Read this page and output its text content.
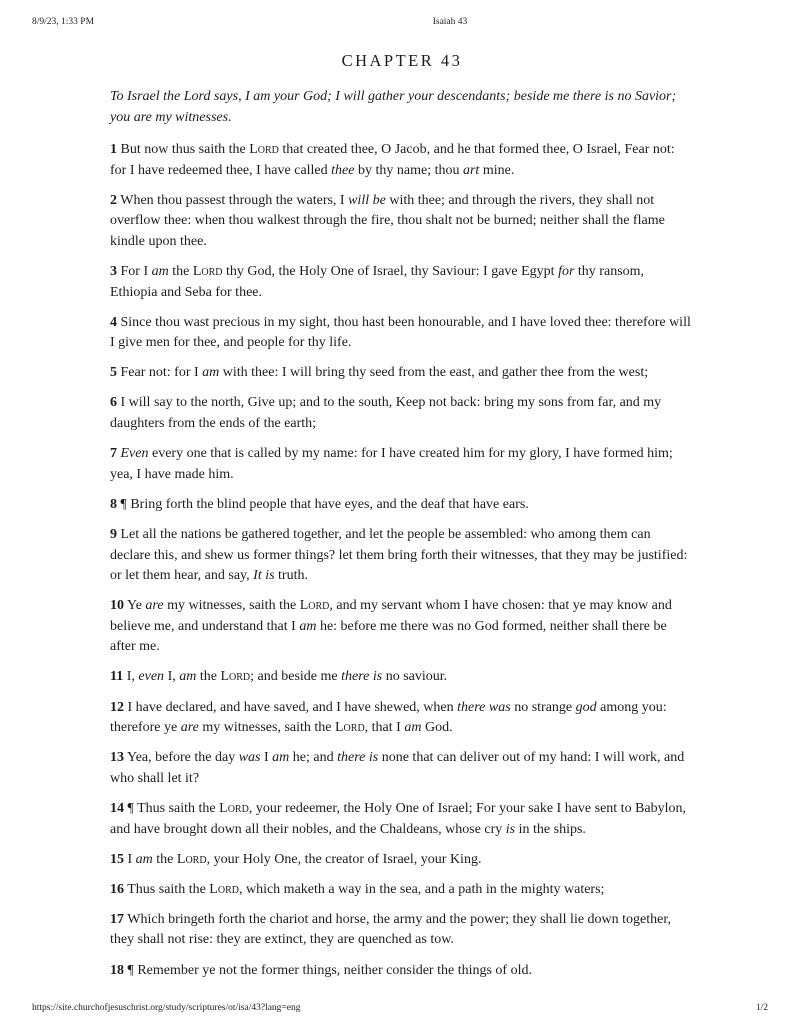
8/9/23, 1:33 PM	Isaiah 43
CHAPTER 43

To Israel the Lord says, I am your God; I will gather your descendants; beside me there is no Savior; you are my witnesses.

1 But now thus saith the Lord that created thee, O Jacob, and he that formed thee, O Israel, Fear not: for I have redeemed thee, I have called thee by thy name; thou art mine.

2 When thou passest through the waters, I will be with thee; and through the rivers, they shall not overflow thee: when thou walkest through the fire, thou shalt not be burned; neither shall the flame kindle upon thee.

3 For I am the Lord thy God, the Holy One of Israel, thy Saviour: I gave Egypt for thy ransom, Ethiopia and Seba for thee.

4 Since thou wast precious in my sight, thou hast been honourable, and I have loved thee: therefore will I give men for thee, and people for thy life.

5 Fear not: for I am with thee: I will bring thy seed from the east, and gather thee from the west;

6 I will say to the north, Give up; and to the south, Keep not back: bring my sons from far, and my daughters from the ends of the earth;

7 Even every one that is called by my name: for I have created him for my glory, I have formed him; yea, I have made him.

8 ¶ Bring forth the blind people that have eyes, and the deaf that have ears.

9 Let all the nations be gathered together, and let the people be assembled: who among them can declare this, and shew us former things? let them bring forth their witnesses, that they may be justified: or let them hear, and say, It is truth.

10 Ye are my witnesses, saith the Lord, and my servant whom I have chosen: that ye may know and believe me, and understand that I am he: before me there was no God formed, neither shall there be after me.

11 I, even I, am the Lord; and beside me there is no saviour.

12 I have declared, and have saved, and I have shewed, when there was no strange god among you: therefore ye are my witnesses, saith the Lord, that I am God.

13 Yea, before the day was I am he; and there is none that can deliver out of my hand: I will work, and who shall let it?

14 ¶ Thus saith the Lord, your redeemer, the Holy One of Israel; For your sake I have sent to Babylon, and have brought down all their nobles, and the Chaldeans, whose cry is in the ships.

15 I am the Lord, your Holy One, the creator of Israel, your King.

16 Thus saith the Lord, which maketh a way in the sea, and a path in the mighty waters;

17 Which bringeth forth the chariot and horse, the army and the power; they shall lie down together, they shall not rise: they are extinct, they are quenched as tow.

18 ¶ Remember ye not the former things, neither consider the things of old.

https://site.churchofjesuschrist.org/study/scriptures/ot/isa/43?lang=eng	1/2
